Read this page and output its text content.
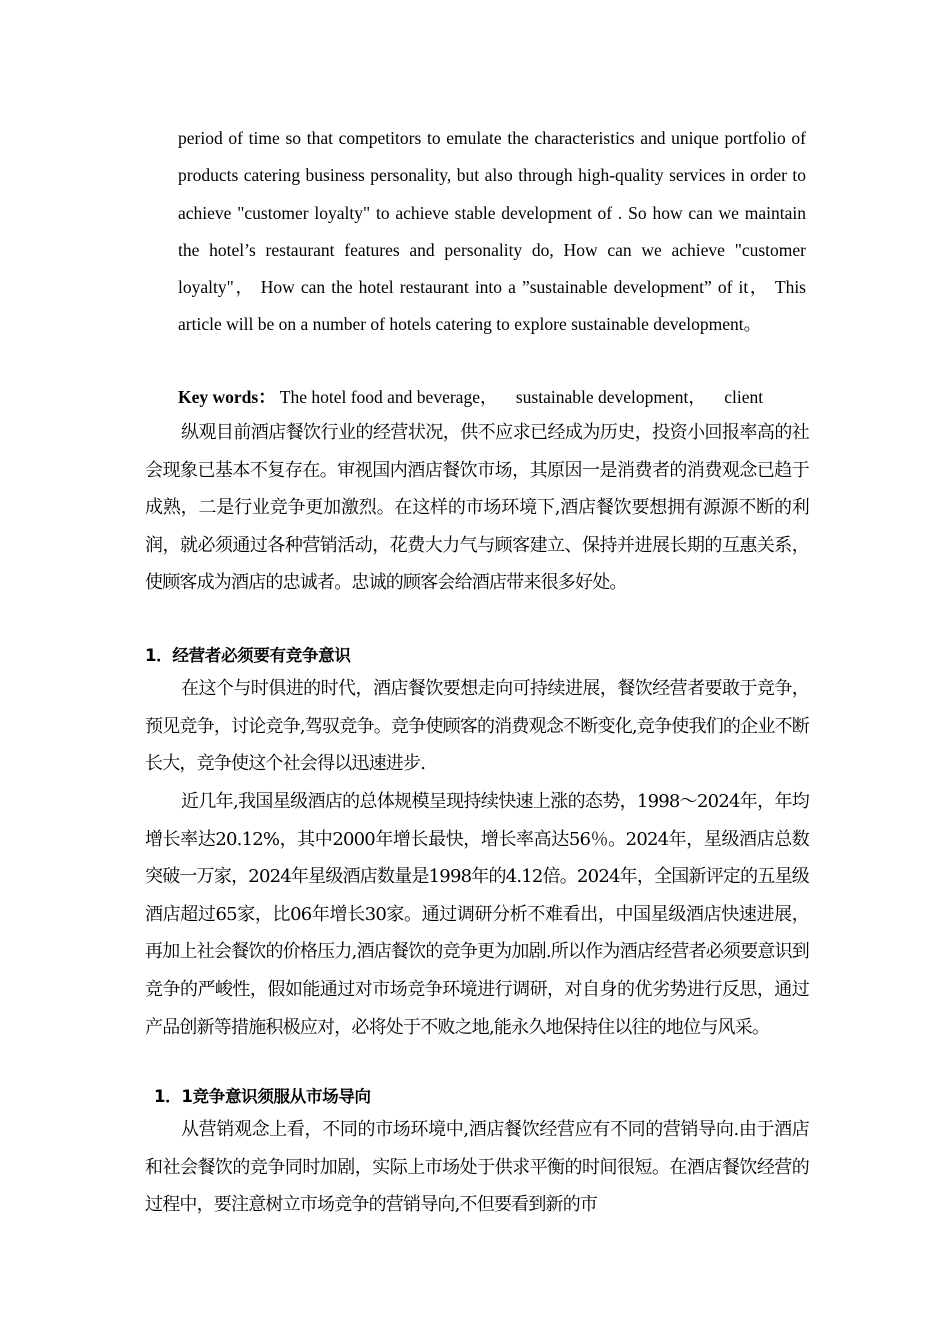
period of time so that competitors to emulate the characteristics and unique portfolio of products catering business personality, but also through high-quality services in order to achieve "customer loyalty" to achieve stable development of . So how can we maintain the hotel’s restaurant features and personality do, How can we achieve "customer loyalty"， How can the hotel restaurant into a ”sustainable development” of it， This article will be on a number of hotels catering to explore sustainable development。

Key words： The hotel food and beverage， sustainable development， client

纵观目前酒店餐饮行业的经营状况，供不应求已经成为历史，投资小回报率高的社会现象已基本不复存在。审视国内酒店餐饮市场，其原因一是消费者的消费观念已趋于成熟，二是行业竞争更加激烈。在这样的市场环境下,酒店餐饮要想拥有源源不断的利润，就必须通过各种营销活动，花费大力气与顾客建立、保持并进展长期的互惠关系，使顾客成为酒店的忠诚者。忠诚的顾客会给酒店带来很多好处。

1．经营者必须要有竞争意识

在这个与时俱进的时代，酒店餐饮要想走向可持续进展，餐饮经营者要敢于竞争，预见竞争，讨论竞争,驾驭竞争。竞争使顾客的消费观念不断变化,竞争使我们的企业不断长大，竞争使这个社会得以迅速进步.

近几年,我国星级酒店的总体规模呈现持续快速上涨的态势，1998～2024年，年均增长率达20.12%，其中2000年增长最快，增长率高达56％。2024年，星级酒店总数突破一万家，2024年星级酒店数量是1998年的4.12倍。2024年，全国新评定的五星级酒店超过65家，比06年增长30家。通过调研分析不难看出，中国星级酒店快速进展，再加上社会餐饮的价格压力,酒店餐饮的竞争更为加剧.所以作为酒店经营者必须要意识到竞争的严峻性，假如能通过对市场竞争环境进行调研，对自身的优劣势进行反思，通过产品创新等措施积极应对，必将处于不败之地,能永久地保持住以往的地位与风采。

1．1竞争意识须服从市场导向

从营销观念上看，不同的市场环境中,酒店餐饮经营应有不同的营销导向.由于酒店和社会餐饮的竞争同时加剧，实际上市场处于供求平衡的时间很短。在酒店餐饮经营的过程中，要注意树立市场竞争的营销导向,不但要看到新的市
